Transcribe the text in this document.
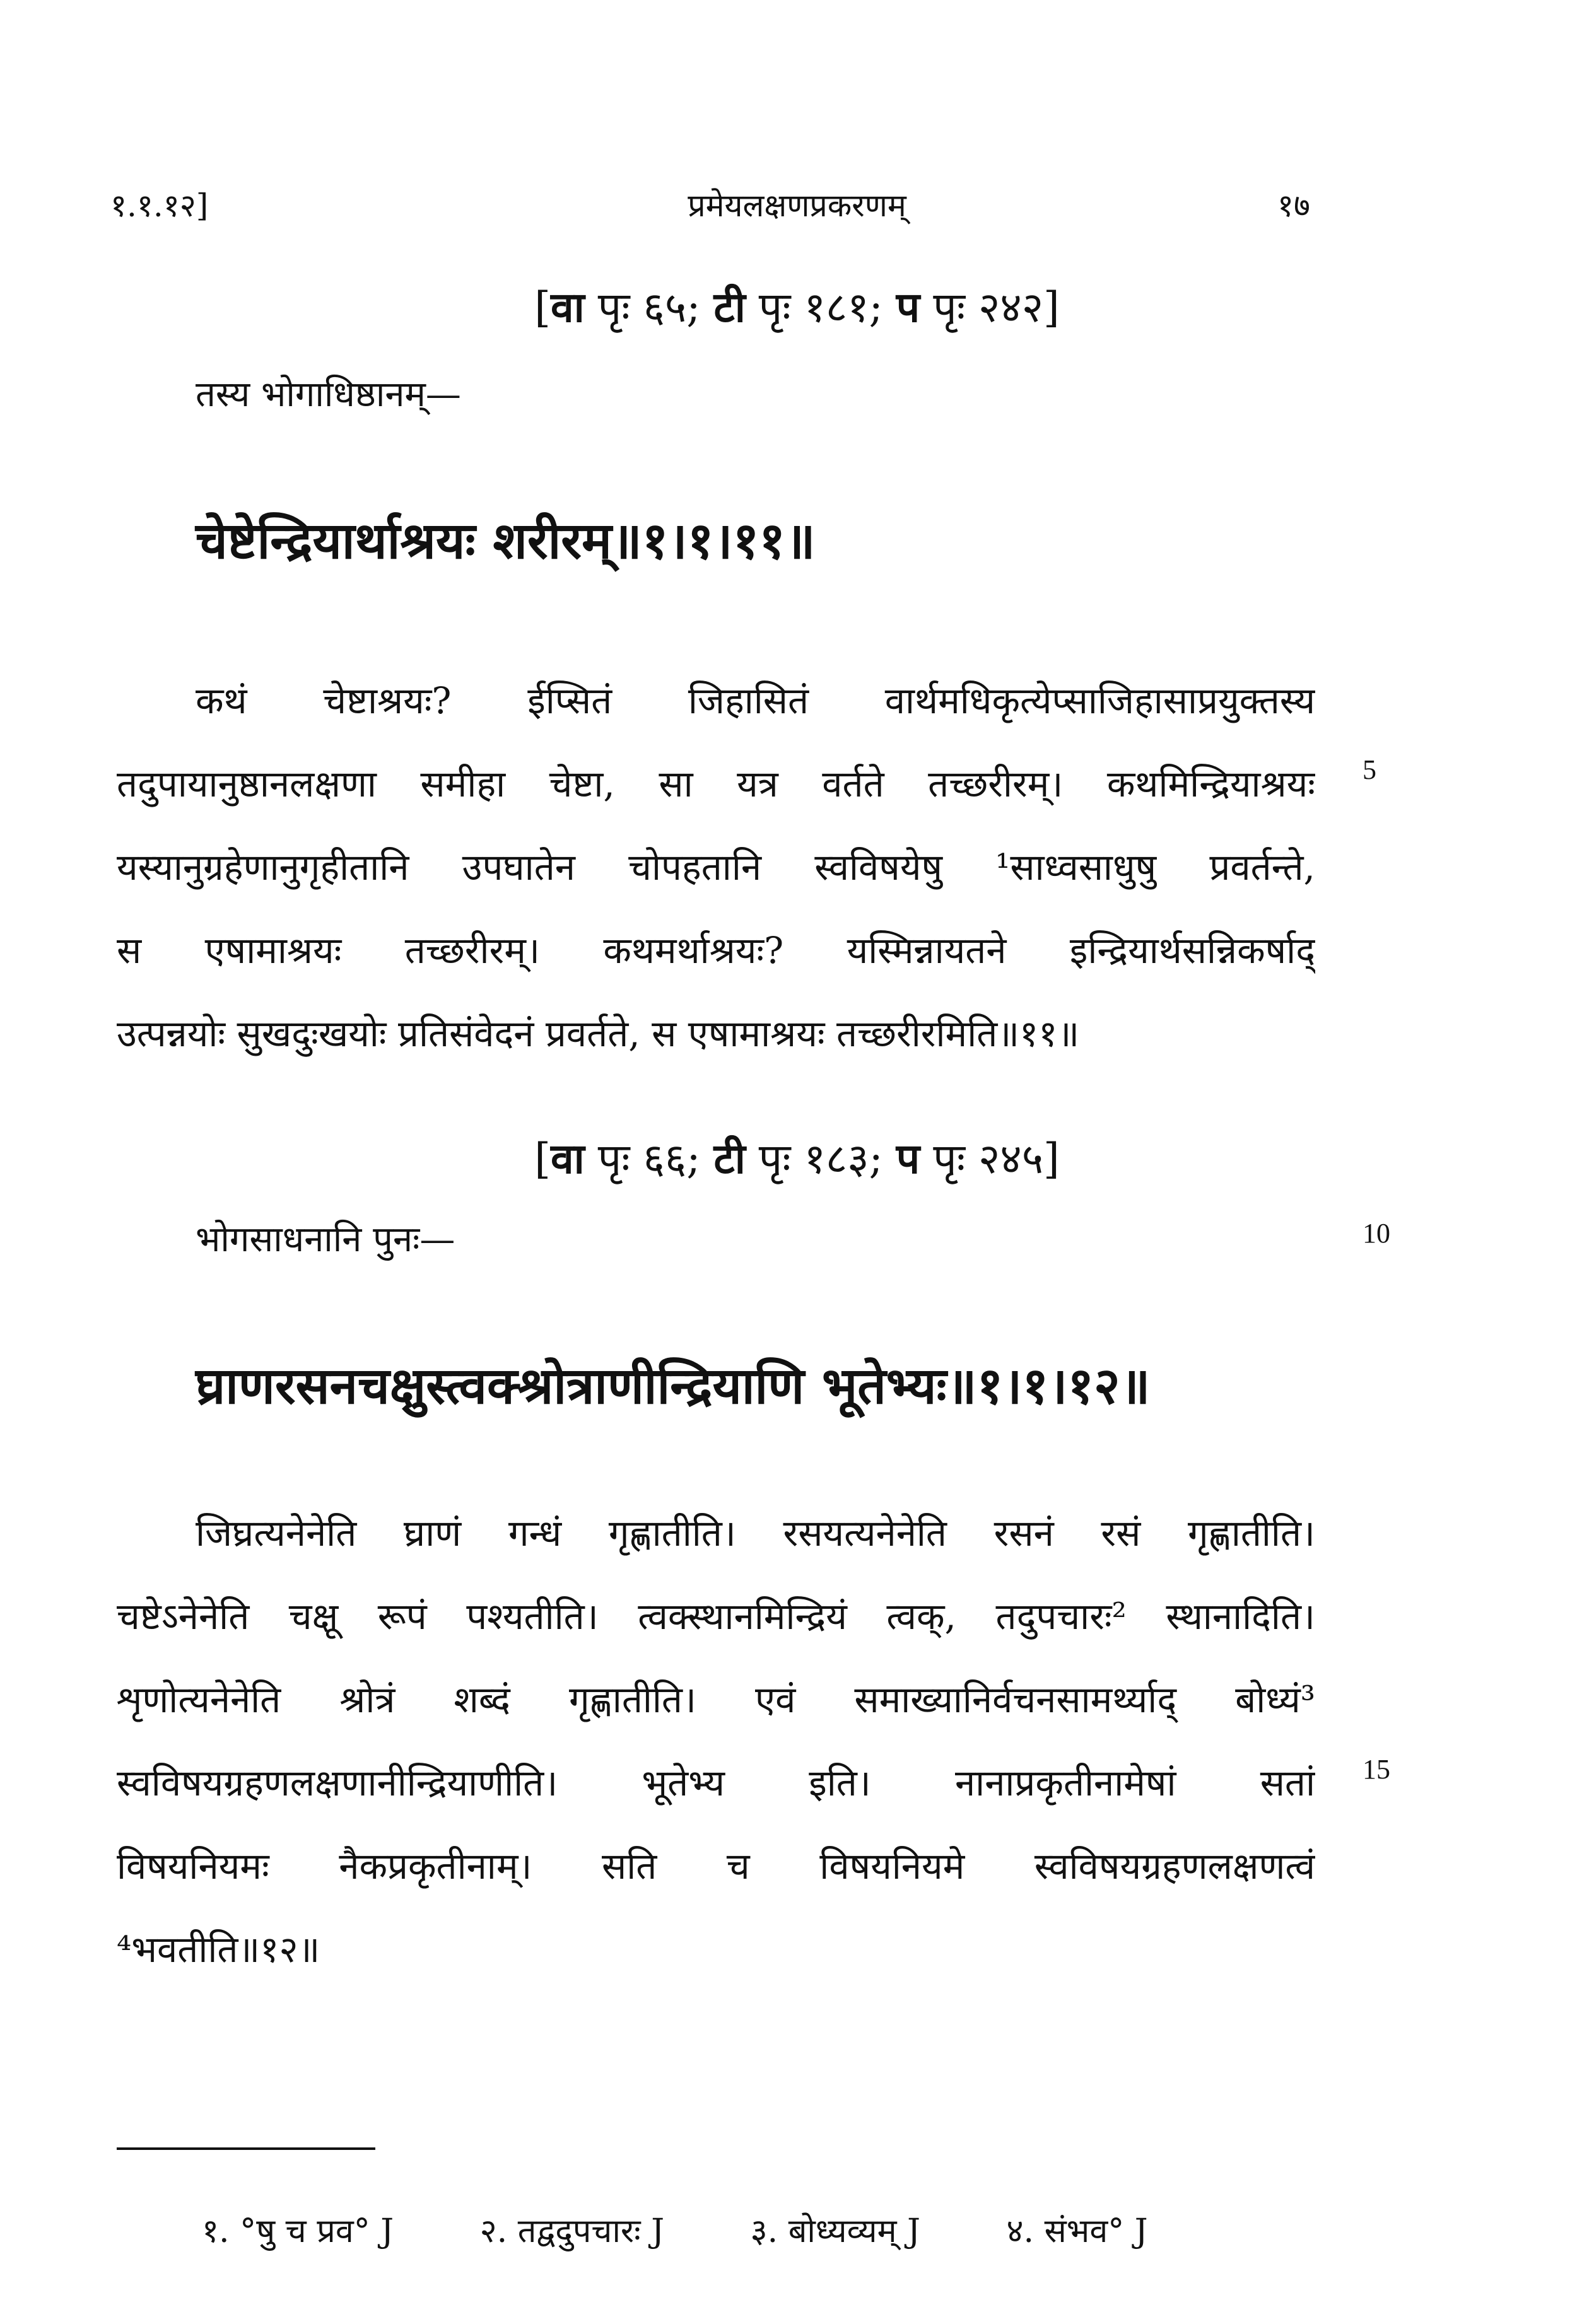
१.१.१२]	प्रमेयलक्षणप्रकरणम्	१७
[वा पृः ६५; टी पृः १८१; प पृः २४२]
तस्य भोगाधिष्ठानम्—
चेष्टेन्द्रियार्थाश्रयः शरीरम्॥१।१।११॥
कथं चेष्टाश्रयः? ईप्सितं जिहासितं वार्थमधिकृत्येप्साजिहासाप्रयुक्तस्य
तदुपायानुष्ठानलक्षणा समीहा चेष्टा, सा यत्र वर्तते तच्छरीरम्। कथमिन्द्रियाश्रयः
यस्यानुग्रहेणानुगृहीतानि उपघातेन चोपहतानि स्वविषयेषु ¹साध्वसाधुषु प्रवर्तन्ते,
स एषामाश्रयः तच्छरीरम्। कथमर्थाश्रयः? यस्मिन्नायतने इन्द्रियार्थसन्निकर्षाद्
उत्पन्नयोः सुखदुःखयोः प्रतिसंवेदनं प्रवर्तते, स एषामाश्रयः तच्छरीरमिति॥११॥
5
[वा पृः ६६; टी पृः १८३; प पृः २४५]
भोगसाधनानि पुनः—	10
घ्राणरसनचक्षुस्त्वक्श्रोत्राणीन्द्रियाणि भूतेभ्यः॥१।१।१२॥
जिघ्रत्यनेनेति घ्राणं गन्धं गृह्णातीति। रसयत्यनेनेति रसनं रसं गृह्णातीति।
चष्टेऽनेनेति चक्षू रूपं पश्यतीति। त्वक्स्थानमिन्द्रियं त्वक्, तदुपचारः² स्थानादिति।
शृणोत्यनेनेति श्रोत्रं शब्दं गृह्णातीति। एवं समाख्यानिर्वचनसामर्थ्याद् बोध्यं³
स्वविषयग्रहणलक्षणानीन्द्रियाणीति। भूतेभ्य इति। नानाप्रकृतीनामेषां सतां
विषयनियमः नैकप्रकृतीनाम्। सति च विषयनियमे स्वविषयग्रहणलक्षणत्वं
⁴भवतीति॥१२॥
15
१. °षु च प्रव° J	२. तद्वदुपचारः J	३. बोध्यव्यम् J	४. संभव° J
